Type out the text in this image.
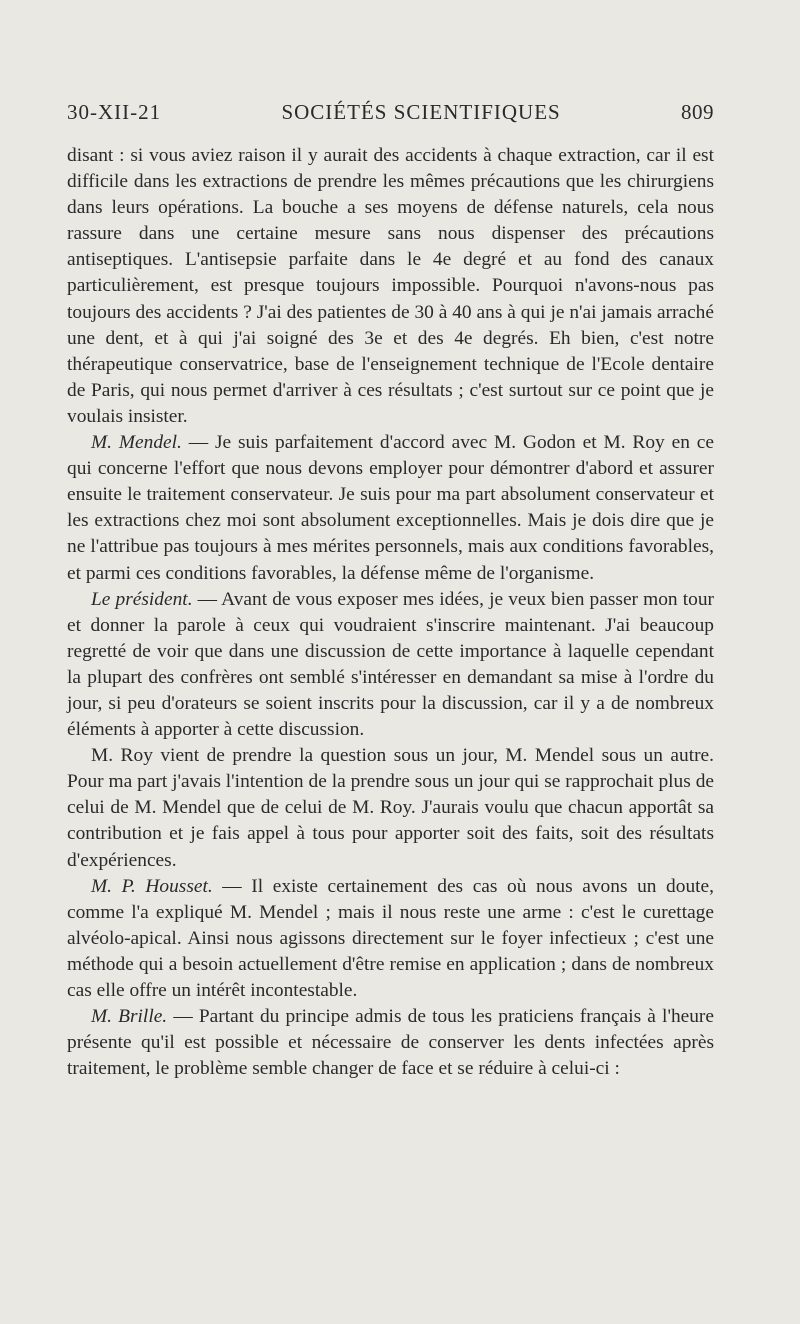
30-XII-21	SOCIÉTÉS SCIENTIFIQUES	809

disant : si vous aviez raison il y aurait des accidents à chaque extraction, car il est difficile dans les extractions de prendre les mêmes précautions que les chirurgiens dans leurs opérations. La bouche a ses moyens de défense naturels, cela nous rassure dans une certaine mesure sans nous dispenser des précautions antiseptiques. L'antisepsie parfaite dans le 4e degré et au fond des canaux particulièrement, est presque toujours impossible. Pourquoi n'avons-nous pas toujours des accidents ? J'ai des patientes de 30 à 40 ans à qui je n'ai jamais arraché une dent, et à qui j'ai soigné des 3e et des 4e degrés. Eh bien, c'est notre thérapeutique conservatrice, base de l'enseignement technique de l'Ecole dentaire de Paris, qui nous permet d'arriver à ces résultats ; c'est surtout sur ce point que je voulais insister.

M. Mendel. — Je suis parfaitement d'accord avec M. Godon et M. Roy en ce qui concerne l'effort que nous devons employer pour démontrer d'abord et assurer ensuite le traitement conservateur. Je suis pour ma part absolument conservateur et les extractions chez moi sont absolument exceptionnelles. Mais je dois dire que je ne l'attribue pas toujours à mes mérites personnels, mais aux conditions favorables, et parmi ces conditions favorables, la défense même de l'organisme.

Le président. — Avant de vous exposer mes idées, je veux bien passer mon tour et donner la parole à ceux qui voudraient s'inscrire maintenant. J'ai beaucoup regretté de voir que dans une discussion de cette importance à laquelle cependant la plupart des confrères ont semblé s'intéresser en demandant sa mise à l'ordre du jour, si peu d'orateurs se soient inscrits pour la discussion, car il y a de nombreux éléments à apporter à cette discussion.

M. Roy vient de prendre la question sous un jour, M. Mendel sous un autre. Pour ma part j'avais l'intention de la prendre sous un jour qui se rapprochait plus de celui de M. Mendel que de celui de M. Roy. J'aurais voulu que chacun apportât sa contribution et je fais appel à tous pour apporter soit des faits, soit des résultats d'expériences.

M. P. Housset. — Il existe certainement des cas où nous avons un doute, comme l'a expliqué M. Mendel ; mais il nous reste une arme : c'est le curettage alvéolo-apical. Ainsi nous agissons directement sur le foyer infectieux ; c'est une méthode qui a besoin actuellement d'être remise en application ; dans de nombreux cas elle offre un intérêt incontestable.

M. Brille. — Partant du principe admis de tous les praticiens français à l'heure présente qu'il est possible et nécessaire de conserver les dents infectées après traitement, le problème semble changer de face et se réduire à celui-ci :
